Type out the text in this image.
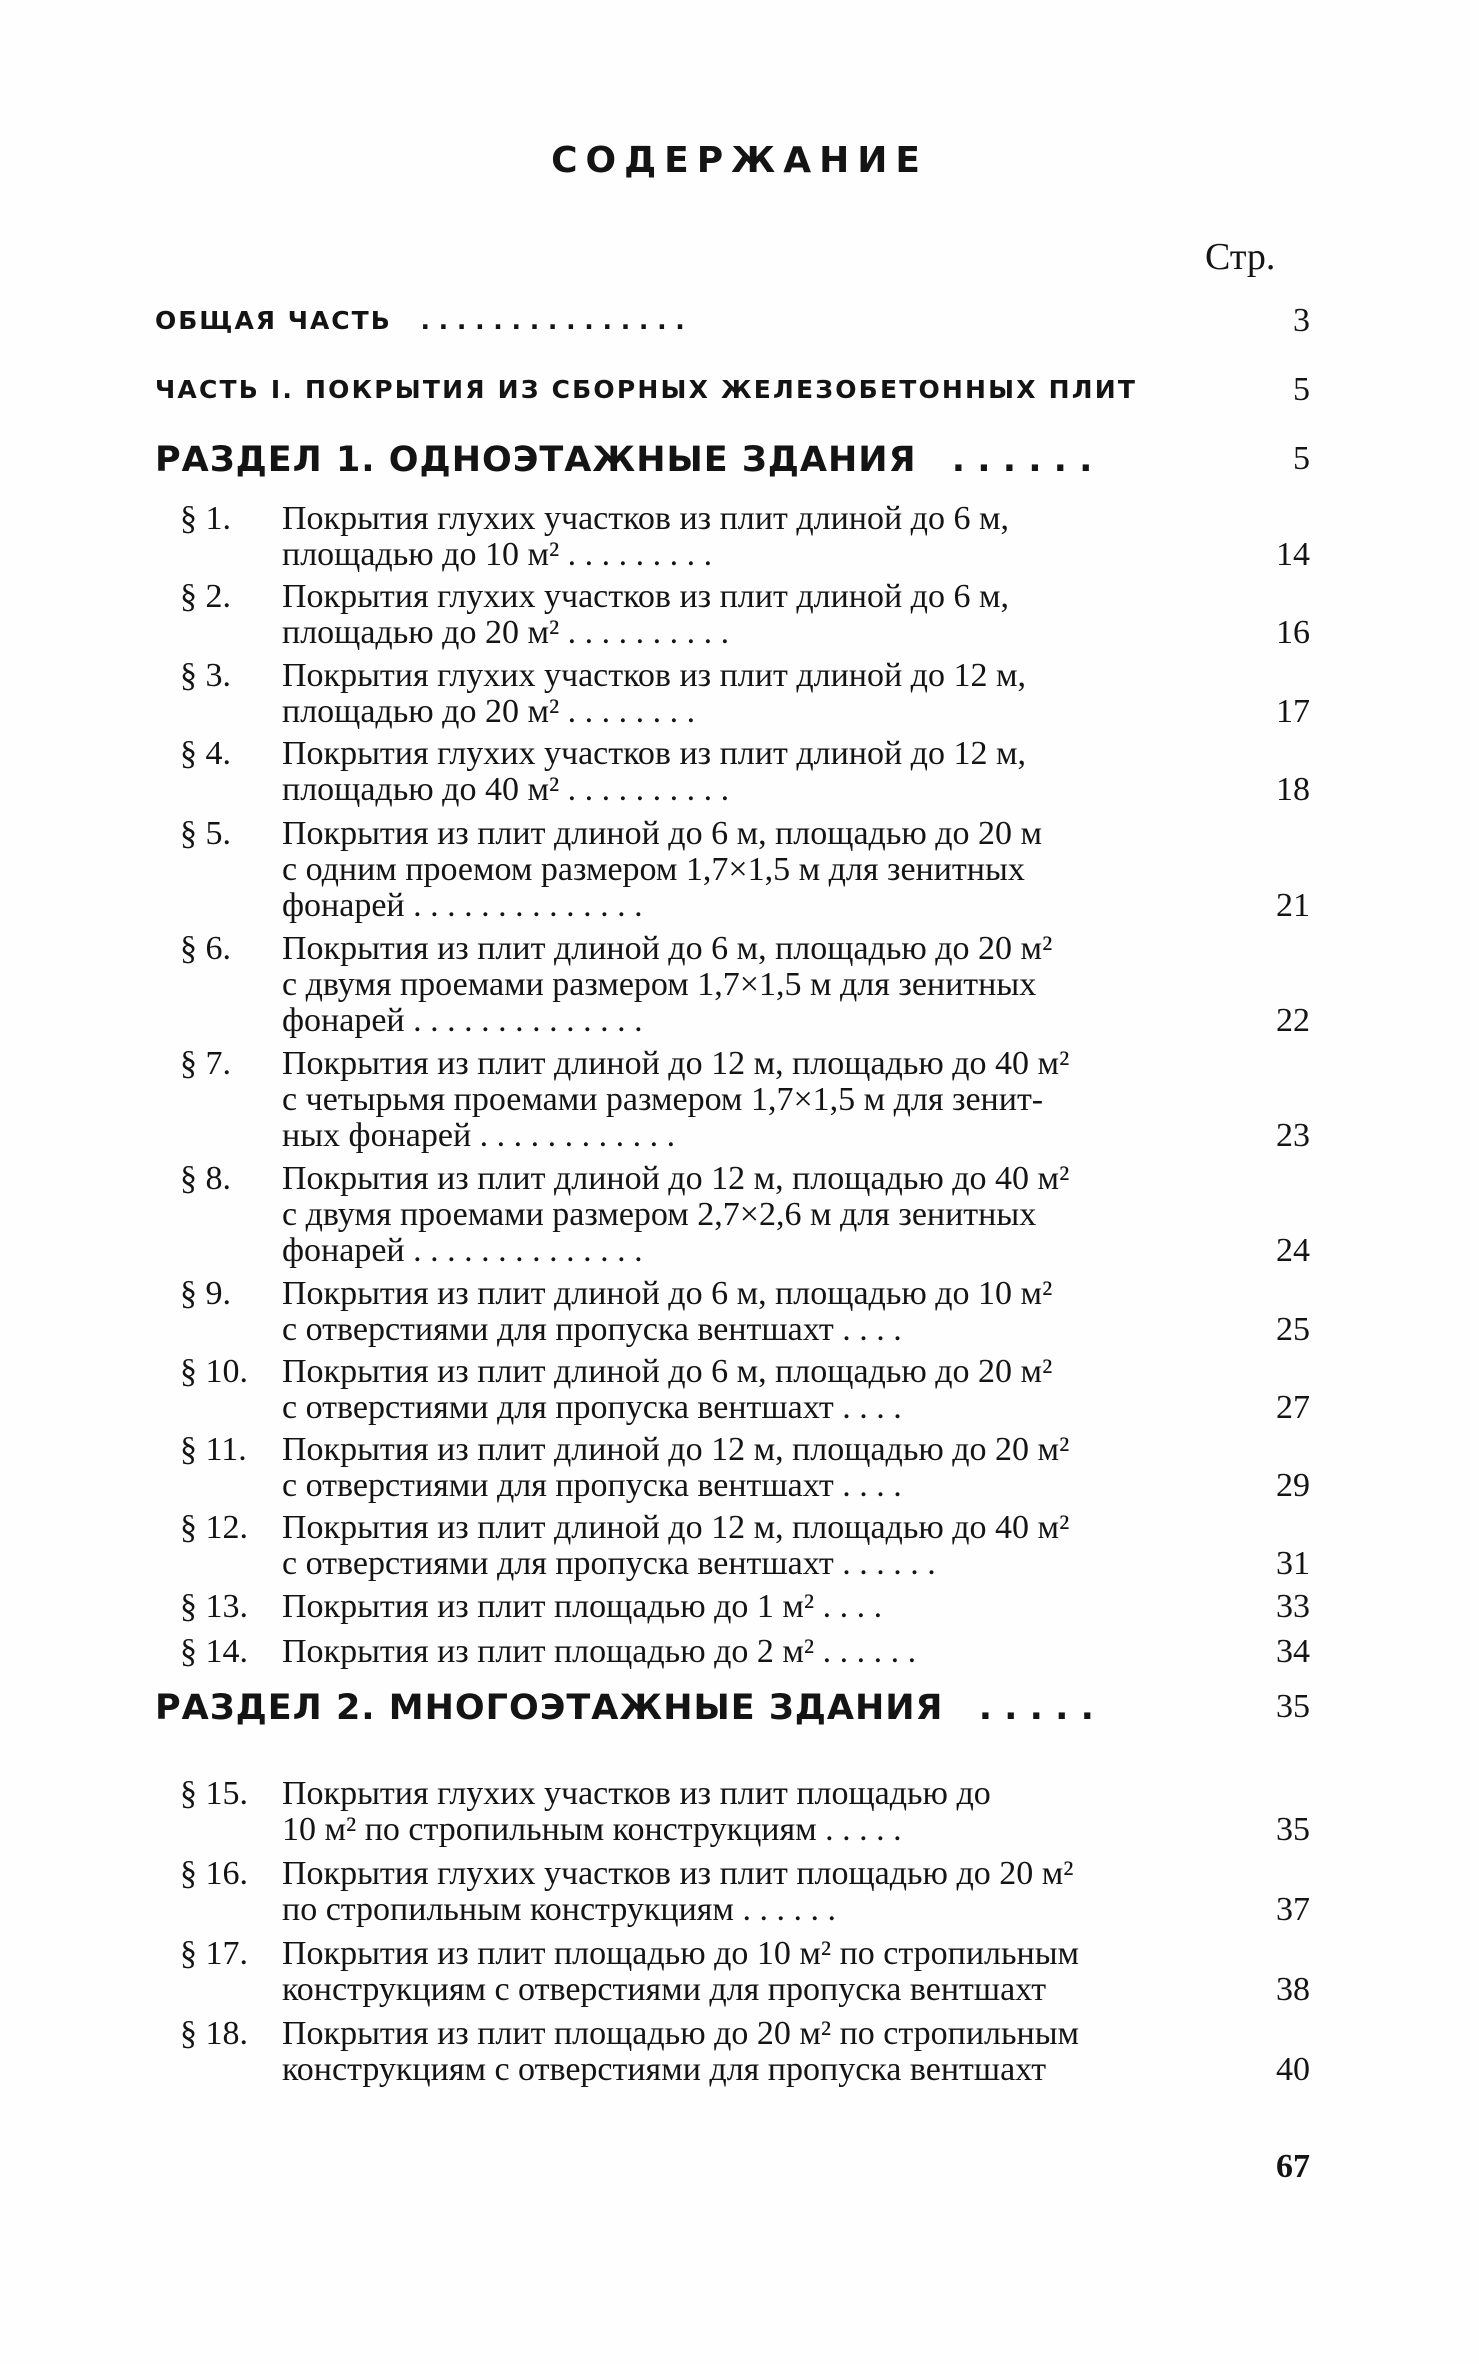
СОДЕРЖАНИЕ
Стр.
ОБЩАЯ ЧАСТЬ . . . . . . . . . . . . . . .	3
ЧАСТЬ I. ПОКРЫТИЯ ИЗ СБОРНЫХ ЖЕЛЕЗОБЕТОННЫХ ПЛИТ	5
РАЗДЕЛ 1. ОДНОЭТАЖНЫЕ ЗДАНИЯ . . . . . .	5
§ 1. Покрытия глухих участков из плит длиной до 6 м,
площадью до 10 м² . . . . . . . . .	14
§ 2. Покрытия глухих участков из плит длиной до 6 м,
площадью до 20 м² . . . . . . . . . .	16
§ 3. Покрытия глухих участков из плит длиной до 12 м,
площадью до 20 м² . . . . . . . .	17
§ 4. Покрытия глухих участков из плит длиной до 12 м,
площадью до 40 м² . . . . . . . . . .	18
§ 5. Покрытия из плит длиной до 6 м, площадью до 20 м
с одним проемом размером 1,7×1,5 м для зенитных
фонарей . . . . . . . . . . . . . .	21
§ 6. Покрытия из плит длиной до 6 м, площадью до 20 м²
с двумя проемами размером 1,7×1,5 м для зенитных
фонарей . . . . . . . . . . . . . .	22
§ 7. Покрытия из плит длиной до 12 м, площадью до 40 м²
с четырьмя проемами размером 1,7×1,5 м для зенит-
ных фонарей . . . . . . . . . . . .	23
§ 8. Покрытия из плит длиной до 12 м, площадью до 40 м²
с двумя проемами размером 2,7×2,6 м для зенитных
фонарей . . . . . . . . . . . . . .	24
§ 9. Покрытия из плит длиной до 6 м, площадью до 10 м²
с отверстиями для пропуска вентшахт . . . .	25
§ 10. Покрытия из плит длиной до 6 м, площадью до 20 м²
с отверстиями для пропуска вентшахт . . . .	27
§ 11. Покрытия из плит длиной до 12 м, площадью до 20 м²
с отверстиями для пропуска вентшахт . . . .	29
§ 12. Покрытия из плит длиной до 12 м, площадью до 40 м²
с отверстиями для пропуска вентшахт . . . . . .	31
§ 13. Покрытия из плит площадью до 1 м² . . . .	33
§ 14. Покрытия из плит площадью до 2 м² . . . . . .	34
РАЗДЕЛ 2. МНОГОЭТАЖНЫЕ ЗДАНИЯ . . . . .	35
§ 15. Покрытия глухих участков из плит площадью до
10 м² по стропильным конструкциям . . . . .	35
§ 16. Покрытия глухих участков из плит площадью до 20 м²
по стропильным конструкциям . . . . . .	37
§ 17. Покрытия из плит площадью до 10 м² по стропильным
конструкциям с отверстиями для пропуска вентшахт	38
§ 18. Покрытия из плит площадью до 20 м² по стропильным
конструкциям с отверстиями для пропуска вентшахт	40
67
